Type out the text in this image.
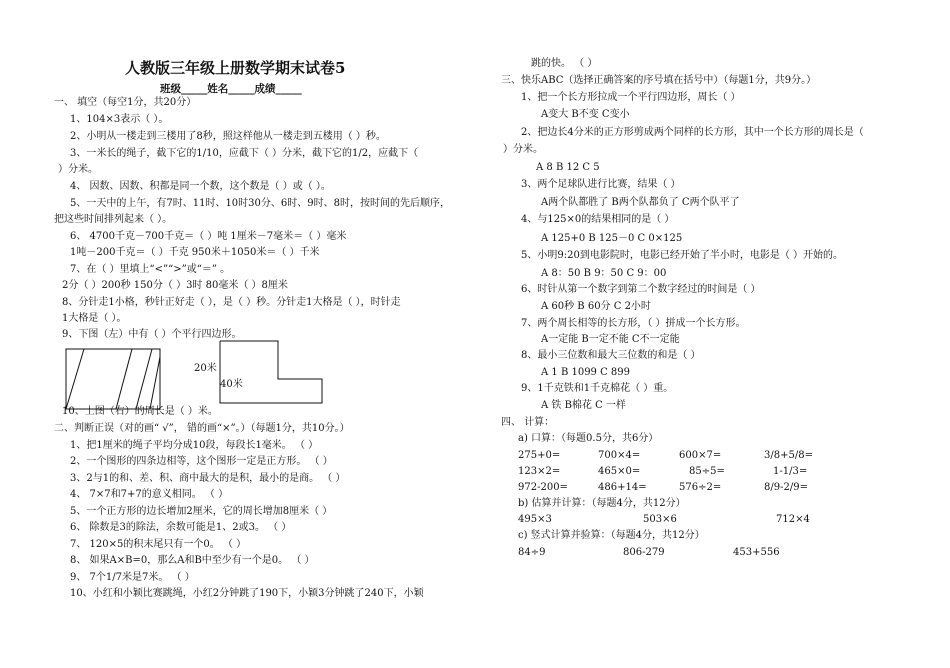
人教版三年级上册数学期末试卷5
班级_____姓名_____成绩_____
一、 填空（每空1分，共20分）
1、104×3表示（ ）。
2、小明从一楼走到三楼用了8秒，照这样他从一楼走到五楼用（ ）秒。
3、一米长的绳子，截下它的1/10，应截下（ ）分米，截下它的1/2，应截下（
）分米。
4、 因数、因数、积都是同一个数，这个数是（ ）或（ ）。
5、一天中的上午，有7时、11时、10时30分、6时、9时、8时，按时间的先后顺序，
把这些时间排列起来（ ）。
6、 4700千克－700千克＝（ ）吨 1厘米－7毫米＝（ ）毫米
1吨－200千克＝（ ）千克 950米＋1050米＝（ ）千米
7、在（ ）里填上“<”“>”或“＝” 。
2分（ ）200秒 150分（ ）3时 80毫米（ ）8厘米
8、分针走1小格，秒针正好走（ ），是（ ）秒。分针走1大格是（ ），时针走
1大格是（ ）。
9、下图（左）中有（ ）个平行四边形。
20米
40米
10、上图（右）的周长是（ ）米。
二、判断正误（对的画“ √”， 错的画“×”。）（每题1分，共10分。）
1、把1厘米的绳子平均分成10段，每段长1毫米。 （ ）
2、一个图形的四条边相等，这个图形一定是正方形。 （ ）
3、2与1的和、差、积、商中最大的是积，最小的是商。 （ ）
4、 7×7和7+7的意义相同。 （ ）
5、一个正方形的边长增加2厘米，它的周长增加8厘米（ ）
6、 除数是3的除法，余数可能是1、2或3。 （ ）
7、 120×5的积末尾只有一个0。 （ ）
8、 如果A×B=0，那么A和B中至少有一个是0。 （ ）
9、 7个1/7米是7米。 （ ）
10、小红和小颖比赛跳绳，小红2分钟跳了190下，小颖3分钟跳了240下，小颖
跳的快。 （ ）
三、快乐ABC（选择正确答案的序号填在括号中）（每题1分，共9分。）
1、把一个长方形拉成一个平行四边形，周长（ ）
A变大 B不变 C变小
2、把边长4分米的正方形剪成两个同样的长方形，其中一个长方形的周长是（
）分米。
A 8 B 12 C 5
3、两个足球队进行比赛，结果（ ）
A两个队都胜了 B两个队都负了 C两个队平了
4、与125×0的结果相同的是（ ）
A 125+0 B 125－0 C 0×125
5、小明9:20到电影院时，电影已经开始了半小时，电影是（ ）开始的。
A 8：50 B 9：50 C 9：00
6、时针从第一个数字到第二个数字经过的时间是（ ）
A 60秒 B 60分 C 2小时
7、两个周长相等的长方形，（ ）拼成一个长方形。
A一定能 B一定不能 C不一定能
8、最小三位数和最大三位数的和是（ ）
A 1 B 1099 C 899
9、1千克铁和1千克棉花（ ）重。
A 铁 B棉花 C 一样
四、 计算：
a) 口算：（每题0.5分，共6分）
275+0=	700×4=	600×7=	3/8+5/8=
123×2=	465×0=	85÷5=	1-1/3=
972-200=	486+14=	576÷2=	8/9-2/9=
b) 估算并计算：（每题4分，共12分）
495×3	503×6	712×4
c) 竖式计算并验算：（每题4分，共12分）
84÷9	806-279	453+556
